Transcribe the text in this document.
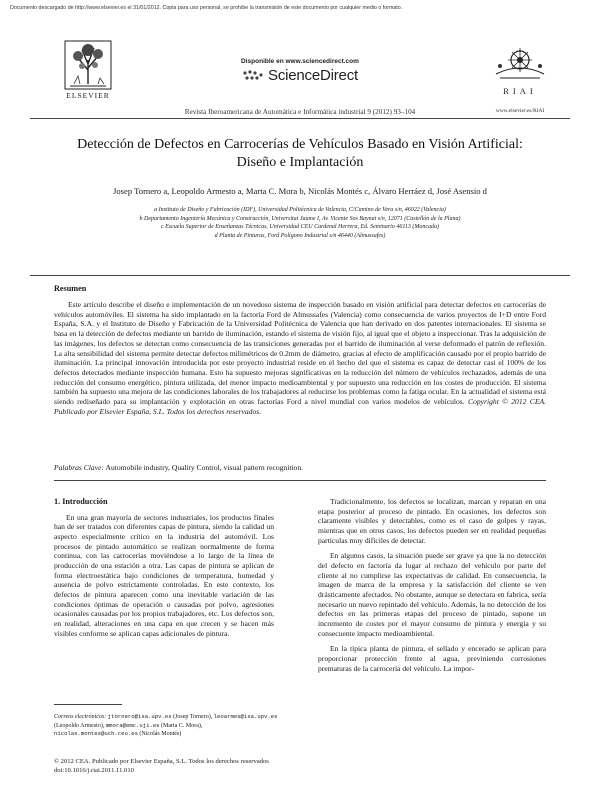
Documento descargado de http://www.elsevier.es el 31/01/2012. Copia para uso personal, se prohíbe la transmisión de este documento por cualquier medio o formato.
ELSEVIER
Disponible en www.sciencedirect.com
ScienceDirect
Revista Iberoamericana de Automática e Informática industrial 9 (2012) 93–104
RIAI
www.elsevier.es/RIAI
Detección de Defectos en Carrocerías de Vehículos Basado en Visión Artificial:
Diseño e Implantación
Josep Tornero a, Leopoldo Armesto a, Marta C. Mora b, Nicolás Montés c, Álvaro Herráez d, José Asensio d
a Instituto de Diseño y Fabricación (IDF), Universidad Politécnica de Valencia, C/Camino de Vera s/n, 46022 (Valencia)
b Departamento Ingeniería Mecánica y Construcción, Universitat Jaume I, Av. Vicente Sos Baynat s/n, 12071 (Castellón de la Plana)
c Escuela Superior de Enseñanzas Técnicas, Universidad CEU Cardenal Herrera, Ed. Seminario 46113 (Moncada)
d Planta de Pinturas, Ford Polígono Industrial s/n 46440 (Almussafes)
Resumen

Este artículo describe el diseño e implementación de un novedoso sistema de inspección basado en visión artificial para detectar defectos en carrocerías de vehículos automóviles. El sistema ha sido implantado en la factoría Ford de Almussafes (Valencia) como consecuencia de varios proyectos de I+D entre Ford España, S.A. y el Instituto de Diseño y Fabricación de la Universidad Politécnica de Valencia que han derivado en dos patentes internacionales. El sistema se basa en la detección de defectos mediante un barrido de iluminación, estando el sistema de visión fijo, al igual que el objeto a inspeccionar. Tras la adquisición de las imágenes, los defectos se detectan como consecuencia de las transiciones generadas por el barrido de iluminación al verse deformado el patrón de reflexión. La alta sensibilidad del sistema permite detectar defectos milimétricos de 0.2mm de diámetro, gracias al efecto de amplificación causado por el propio barrido de iluminación. La principal innovación introducida por este proyecto industrial reside en el hecho del que el sistema es capaz de detectar casi el 100% de los defectos detectados mediante inspección humana. Esto ha supuesto mejoras significativas en la reducción del número de vehículos rechazados, además de una reducción del consumo energético, pintura utilizada, del menor impacto medioambiental y por supuesto una reducción en los costes de producción. El sistema también ha supuesto una mejora de las condiciones laborales de los trabajadores al reducirse los problemas como la fatiga ocular. En la actualidad el sistema está siendo rediseñado para su implantación y explotación en otras factorías Ford a nivel mundial con varios modelos de vehículos. Copyright © 2012 CEA. Publicado por Elsevier España, S.L. Todos los derechos reservados.

Palabras Clave: Automobile industry, Quality Control, visual pattern recognition.
1. Introducción

En una gran mayoría de sectores industriales, los productos finales han de ser tratados con diferentes capas de pintura, siendo la calidad un aspecto especialmente crítico en la industria del automóvil. Los procesos de pintado automático se realizan normalmente de forma continua, con las carrocerías moviéndose a lo largo de la línea de producción de una estación a otra. Las capas de pintura se aplican de forma electroestática bajo condiciones de temperatura, humedad y ausencia de polvo estrictamente controladas. En este contexto, los defectos de pintura aparecen como una inevitable variación de las condiciones óptimas de operación o causadas por polvo, agresiones ocasionales causadas por los propios trabajadores, etc. Los defectos son, en realidad, alteraciones en una capa en que crecen y se hacen más visibles conforme se aplican capas adicionales de pintura.

Tradicionalmente, los defectos se localizan, marcan y reparan en una etapa posterior al proceso de pintado. En ocasiones, los defectos son claramente visibles y detectables, como es el caso de golpes y rayas, mientras que en otros casos, los defectos pueden ser en realidad pequeñas partículas muy difíciles de detectar.

En algunos casos, la situación puede ser grave ya que la no detección del defecto en factoría da lugar al rechazo del vehículo por parte del cliente al no cumplirse las expectativas de calidad. En consecuencia, la imagen de marca de la empresa y la satisfacción del cliente se ven drásticamente afectados. No obstante, aunque se detectara en fabrica, sería necesario un nuevo repintado del vehículo. Además, la no detección de los defectos en las primeras etapas del proceso de pintado, supone un incremento de costes por el mayor consumo de pintura y energía y su consecuente impacto medioambiental.

En la típica planta de pintura, el sellado y encerado se aplican para proporcionar protección frente al agua, previniendo corrosiones prematuras de la carrocería del vehículo. La impor-

Correos electrónicos: jtornero@isa.upv.es (Josep Tornero), leoarmes@isa.upv.es (Leopoldo Armesto), mmora@emc.uji.es (Marta C. Mora), nicolas.montes@uch.ceu.es (Nicolás Montés)
© 2012 CEA. Publicado por Elsevier España, S.L. Todos los derechos reservados
doi:10.1016/j.riai.2011.11.010
